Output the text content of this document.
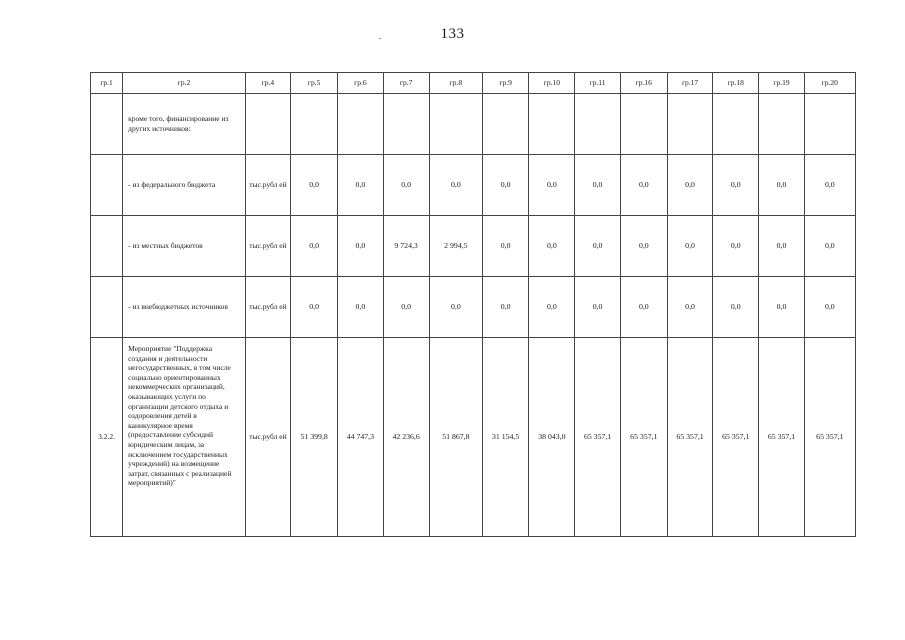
133
гр.1	гр.2	гр.4	гр.5	гр.6	гр.7	гр.8	гр.9	гр.10	гр.11	гр.16	гр.17	гр.18	гр.19	гр.20
	кроме того, финансирование из других источников:													
	- из федерального бюджета	тыс.рубл ей	0,0	0,0	0,0	0,0	0,0	0,0	0,0	0,0	0,0	0,0	0,0	0,0
	- из местных бюджетов	тыс.рубл ей	0,0	0,0	9 724,3	2 994,5	0,0	0,0	0,0	0,0	0,0	0,0	0,0	0,0
	- из внебюджетных источников	тыс.рубл ей	0,0	0,0	0,0	0,0	0,0	0,0	0,0	0,0	0,0	0,0	0,0	0,0
3.2.2.	Мероприятие "Поддержка создания и деятельности негосударственных, в том числе социально ориентированных некоммерческих организаций, оказывающих услуги по организации детского отдыха и оздоровления детей в каникулярное время (предоставление субсидий юридическим лицам, за исключением государственных учреждений) на возмещение затрат, связанных с реализацией мероприятий)"	тыс.рубл ей	51 399,8	44 747,3	42 236,6	51 867,8	31 154,5	38 043,0	65 357,1	65 357,1	65 357,1	65 357,1	65 357,1	65 357,1
